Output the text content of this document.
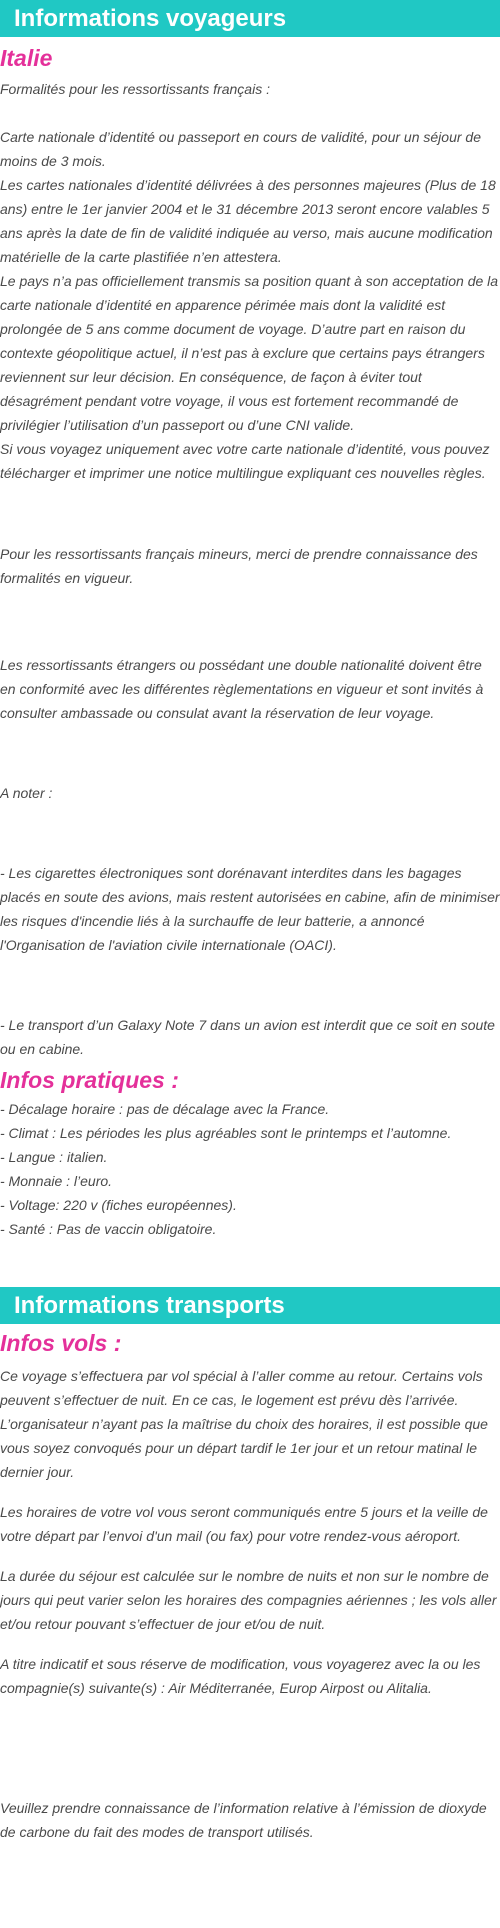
Informations voyageurs
Italie

Formalités pour les ressortissants français :

Carte nationale d’identité ou passeport en cours de validité, pour un séjour de moins de 3 mois.

Les cartes nationales d’identité délivrées à des personnes majeures (Plus de 18 ans) entre le 1er janvier 2004 et le 31 décembre 2013 seront encore valables 5 ans après la date de fin de validité indiquée au verso, mais aucune modification matérielle de la carte plastifiée n’en attestera.

Le pays n’a pas officiellement transmis sa position quant à son acceptation de la carte nationale d’identité en apparence périmée mais dont la validité est prolongée de 5 ans comme document de voyage. D’autre part en raison du contexte géopolitique actuel, il n’est pas à exclure que certains pays étrangers reviennent sur leur décision. En conséquence, de façon à éviter tout désagrément pendant votre voyage, il vous est fortement recommandé de privilégier l’utilisation d’un passeport ou d’une CNI valide.

Si vous voyagez uniquement avec votre carte nationale d’identité, vous pouvez télécharger et imprimer une notice multilingue expliquant ces nouvelles règles.

Pour les ressortissants français mineurs, merci de prendre connaissance des formalités en vigueur.

Les ressortissants étrangers ou possédant une double nationalité doivent être en conformité avec les différentes règlementations en vigueur et sont invités à consulter ambassade ou consulat avant la réservation de leur voyage.

A noter :

- Les cigarettes électroniques sont dorénavant interdites dans les bagages placés en soute des avions, mais restent autorisées en cabine, afin de minimiser les risques d'incendie liés à la surchauffe de leur batterie, a annoncé l'Organisation de l'aviation civile internationale (OACI).

- Le transport d’un Galaxy Note 7 dans un avion est interdit que ce soit en soute ou en cabine.

Infos pratiques :

- Décalage horaire : pas de décalage avec la France.

- Climat : Les périodes les plus agréables sont le printemps et l’automne.

- Langue : italien.

- Monnaie : l’euro.

- Voltage: 220 v (fiches européennes).

- Santé : Pas de vaccin obligatoire.

Informations transports
Infos vols :

Ce voyage s’effectuera par vol spécial à l’aller comme au retour. Certains vols peuvent s’effectuer de nuit. En ce cas, le logement est prévu dès l’arrivée. L’organisateur n’ayant pas la maîtrise du choix des horaires, il est possible que vous soyez convoqués pour un départ tardif le 1er jour et un retour matinal le dernier jour.

Les horaires de votre vol vous seront communiqués entre 5 jours et la veille de votre départ par l’envoi d'un mail (ou fax) pour votre rendez-vous aéroport.

La durée du séjour est calculée sur le nombre de nuits et non sur le nombre de jours qui peut varier selon les horaires des compagnies aériennes ; les vols aller et/ou retour pouvant s’effectuer de jour et/ou de nuit.

A titre indicatif et sous réserve de modification, vous voyagerez avec la ou les compagnie(s) suivante(s) : Air Méditerranée, Europ Airpost ou Alitalia.

Veuillez prendre connaissance de l’information relative à l’émission de dioxyde de carbone du fait des modes de transport utilisés.
